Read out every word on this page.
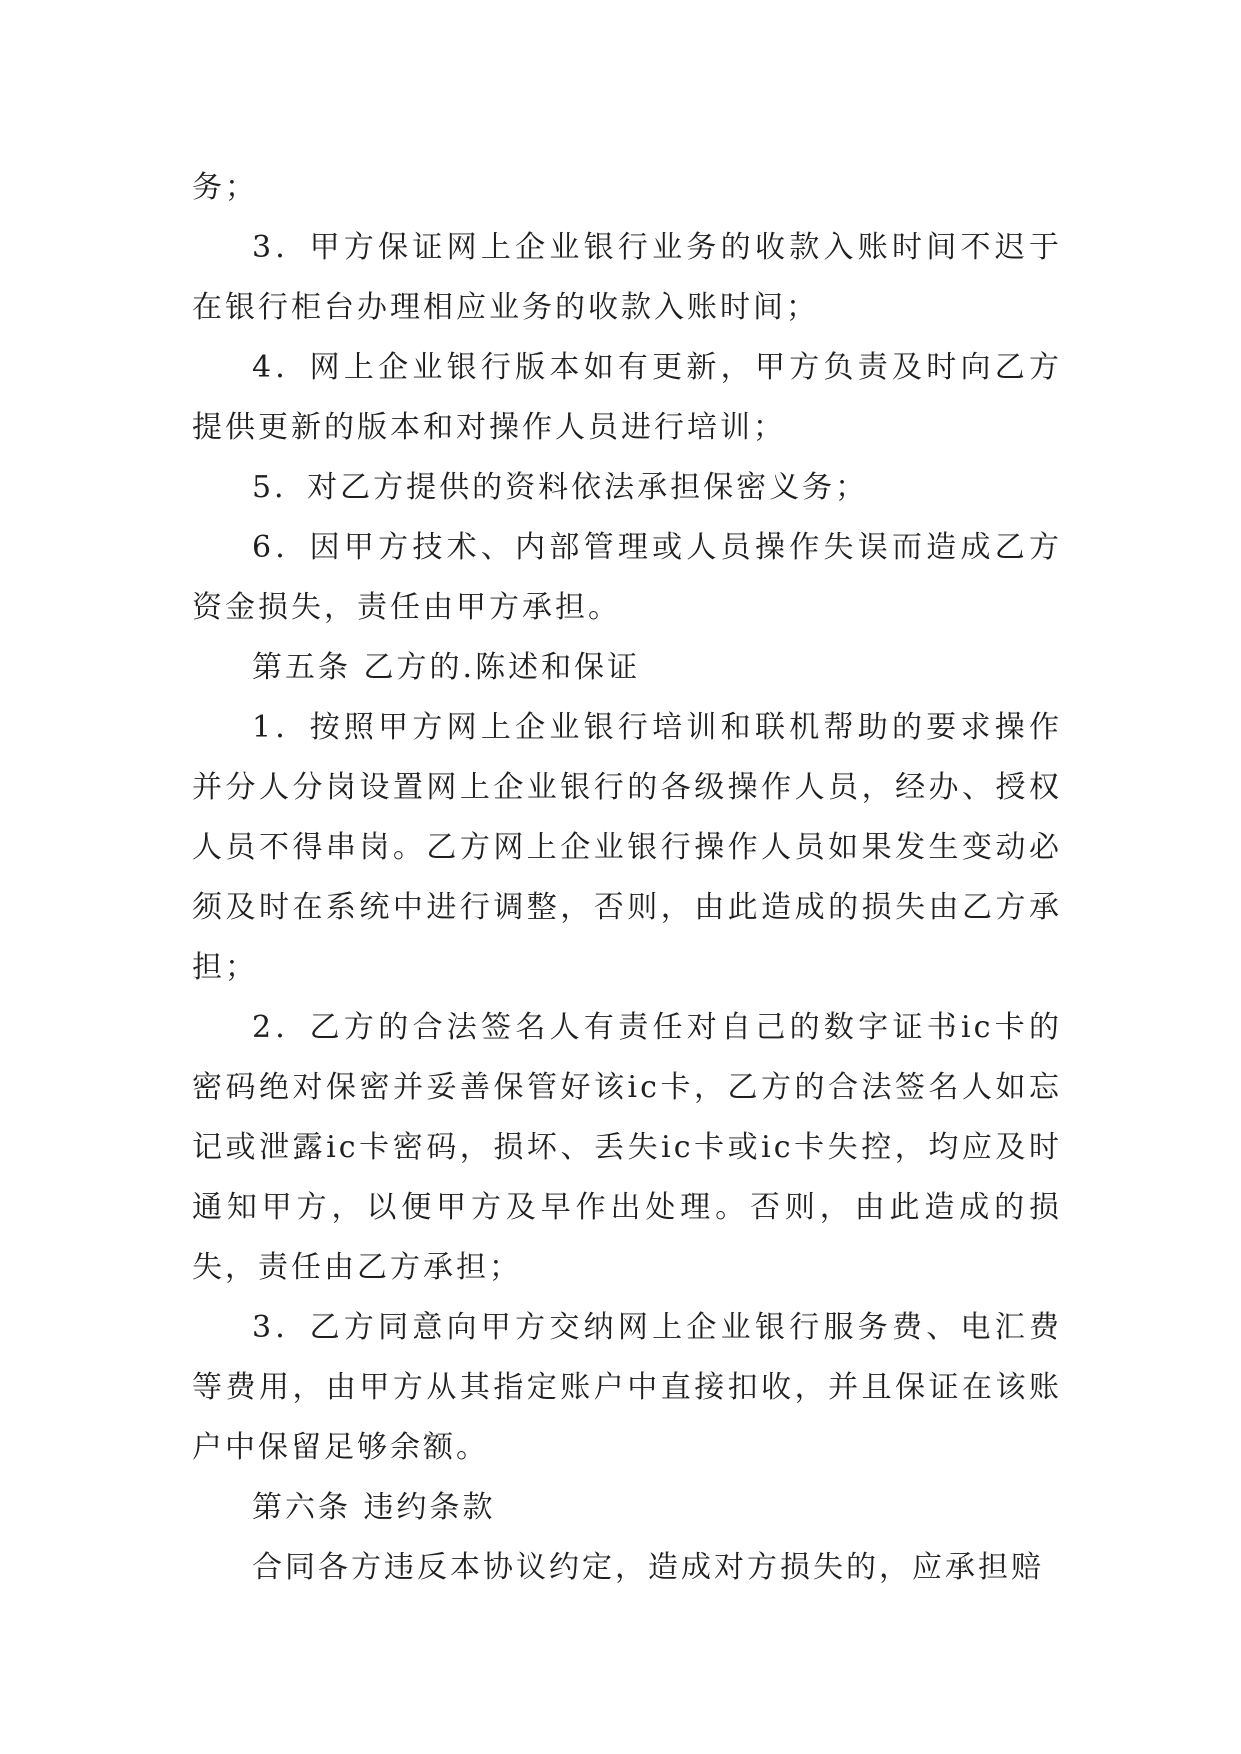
务；

3．甲方保证网上企业银行业务的收款入账时间不迟于在银行柜台办理相应业务的收款入账时间；

4．网上企业银行版本如有更新，甲方负责及时向乙方提供更新的版本和对操作人员进行培训；

5．对乙方提供的资料依法承担保密义务；

6．因甲方技术、内部管理或人员操作失误而造成乙方资金损失，责任由甲方承担。

第五条 乙方的.陈述和保证

1．按照甲方网上企业银行培训和联机帮助的要求操作并分人分岗设置网上企业银行的各级操作人员，经办、授权人员不得串岗。乙方网上企业银行操作人员如果发生变动必须及时在系统中进行调整，否则，由此造成的损失由乙方承担；

2．乙方的合法签名人有责任对自己的数字证书ic卡的密码绝对保密并妥善保管好该ic卡，乙方的合法签名人如忘记或泄露ic卡密码，损坏、丢失ic卡或ic卡失控，均应及时通知甲方，以便甲方及早作出处理。否则，由此造成的损失，责任由乙方承担；

3．乙方同意向甲方交纳网上企业银行服务费、电汇费等费用，由甲方从其指定账户中直接扣收，并且保证在该账户中保留足够余额。

第六条 违约条款

合同各方违反本协议约定，造成对方损失的，应承担赔
